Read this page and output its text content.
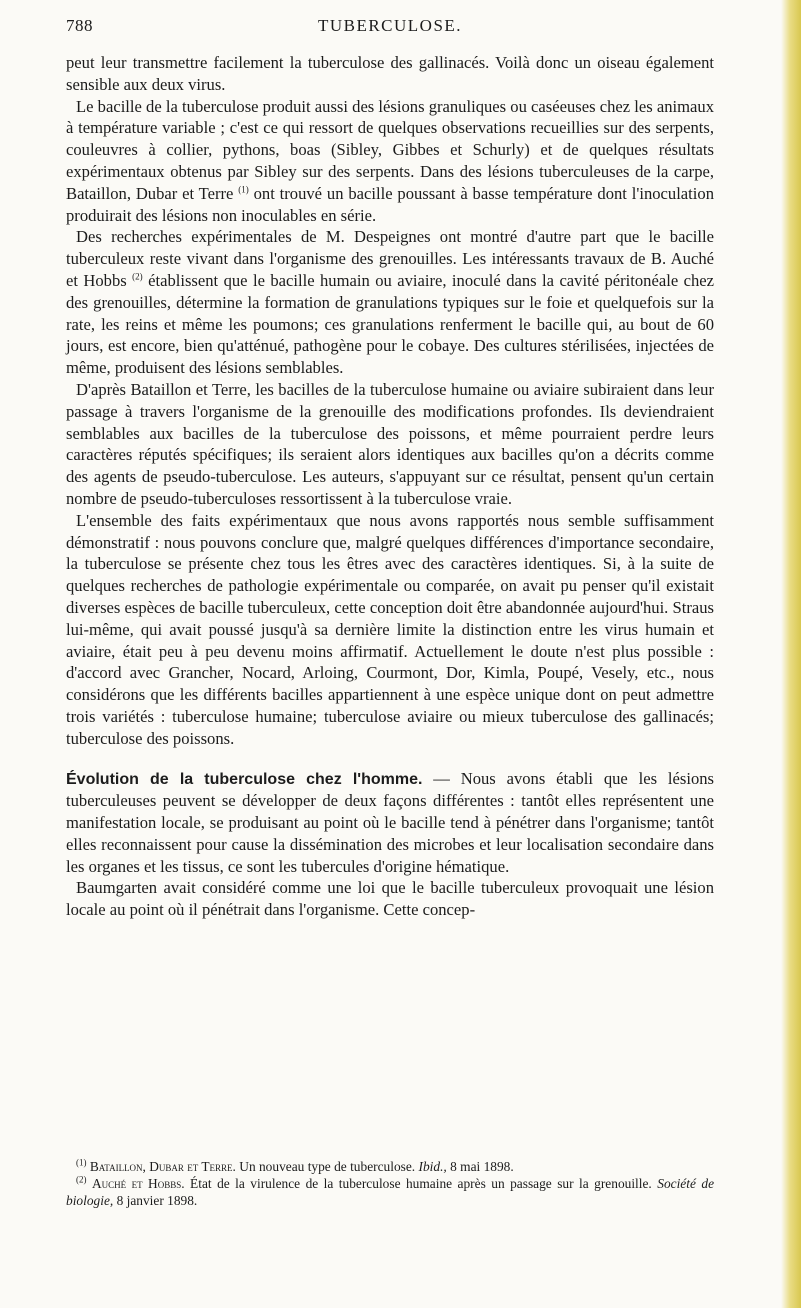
788	TUBERCULOSE.

peut leur transmettre facilement la tuberculose des gallinacés. Voilà donc un oiseau également sensible aux deux virus.

Le bacille de la tuberculose produit aussi des lésions granuliques ou caséeuses chez les animaux à température variable ; c'est ce qui ressort de quelques observations recueillies sur des serpents, couleuvres à collier, pythons, boas (Sibley, Gibbes et Schurly) et de quelques résultats expérimentaux obtenus par Sibley sur des serpents. Dans des lésions tuberculeuses de la carpe, Bataillon, Dubar et Terre $^{(1)}$ ont trouvé un bacille poussant à basse température dont l'inoculation produirait des lésions non inoculables en série.

Des recherches expérimentales de M. Despeignes ont montré d'autre part que le bacille tuberculeux reste vivant dans l'organisme des grenouilles. Les intéressants travaux de B. Auché et Hobbs $^{(2)}$ établissent que le bacille humain ou aviaire, inoculé dans la cavité péritonéale chez des grenouilles, détermine la formation de granulations typiques sur le foie et quelquefois sur la rate, les reins et même les poumons; ces granulations renferment le bacille qui, au bout de 60 jours, est encore, bien qu'atténué, pathogène pour le cobaye. Des cultures stérilisées, injectées de même, produisent des lésions semblables.

D'après Bataillon et Terre, les bacilles de la tuberculose humaine ou aviaire subiraient dans leur passage à travers l'organisme de la grenouille des modifications profondes. Ils deviendraient semblables aux bacilles de la tuberculose des poissons, et même pourraient perdre leurs caractères réputés spécifiques; ils seraient alors identiques aux bacilles qu'on a décrits comme des agents de pseudo-tuberculose. Les auteurs, s'appuyant sur ce résultat, pensent qu'un certain nombre de pseudo-tuberculoses ressortissent à la tuberculose vraie.

L'ensemble des faits expérimentaux que nous avons rapportés nous semble suffisamment démonstratif : nous pouvons conclure que, malgré quelques différences d'importance secondaire, la tuberculose se présente chez tous les êtres avec des caractères identiques. Si, à la suite de quelques recherches de pathologie expérimentale ou comparée, on avait pu penser qu'il existait diverses espèces de bacille tuberculeux, cette conception doit être abandonnée aujourd'hui. Straus lui-même, qui avait poussé jusqu'à sa dernière limite la distinction entre les virus humain et aviaire, était peu à peu devenu moins affirmatif. Actuellement le doute n'est plus possible : d'accord avec Grancher, Nocard, Arloing, Courmont, Dor, Kimla, Poupé, Vesely, etc., nous considérons que les différents bacilles appartiennent à une espèce unique dont on peut admettre trois variétés : tuberculose humaine; tuberculose aviaire ou mieux tuberculose des gallinacés; tuberculose des poissons.

Évolution de la tuberculose chez l'homme. — Nous avons établi que les lésions tuberculeuses peuvent se développer de deux façons différentes : tantôt elles représentent une manifestation locale, se produisant au point où le bacille tend à pénétrer dans l'organisme; tantôt elles reconnaissent pour cause la dissémination des microbes et leur localisation secondaire dans les organes et les tissus, ce sont les tubercules d'origine hématique.

Baumgarten avait considéré comme une loi que le bacille tuberculeux provoquait une lésion locale au point où il pénétrait dans l'organisme. Cette concep-

$^{(1)}$ Bataillon, Dubar et Terre. Un nouveau type de tuberculose. Ibid., 8 mai 1898.

$^{(2)}$ Auché et Hobbs. État de la virulence de la tuberculose humaine après un passage sur la grenouille. Société de biologie, 8 janvier 1898.
